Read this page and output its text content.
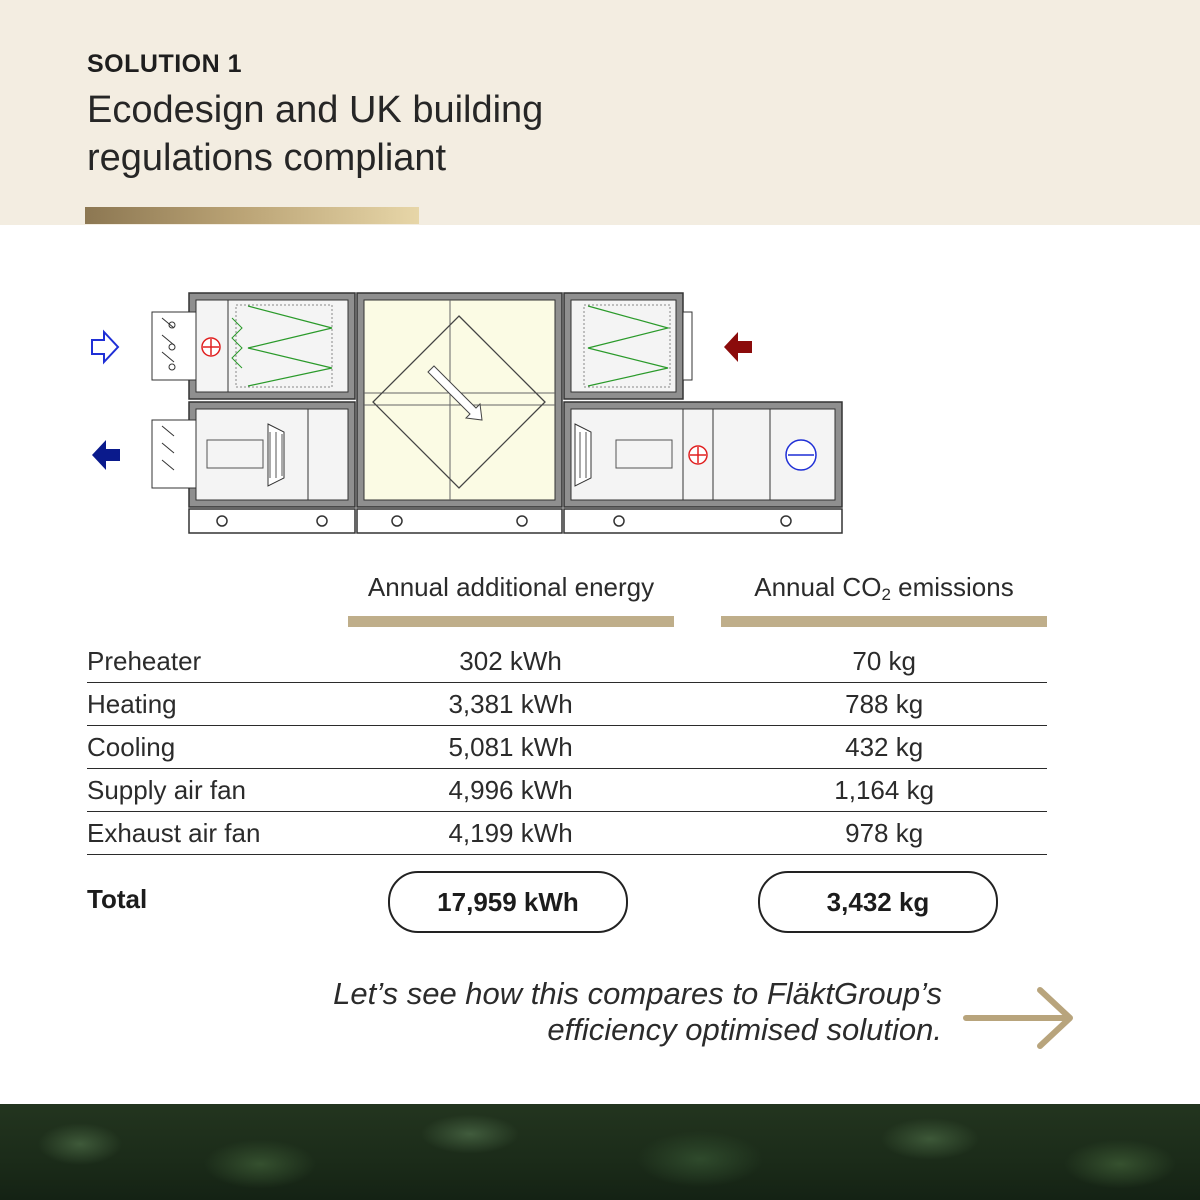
SOLUTION 1
Ecodesign and UK building regulations compliant
Annual additional energy	Annual $CO_2$ emissions
Preheater	302 kWh		70 kg
Heating	3,381 kWh		788 kg
Cooling	5,081 kWh		432 kg
Supply air fan	4,996 kWh		1,164 kg
Exhaust air fan	4,199 kWh		978 kg
Total	17,959 kWh	3,432 kg
Let’s see how this compares to FläktGroup’s
efficiency optimised solution.
